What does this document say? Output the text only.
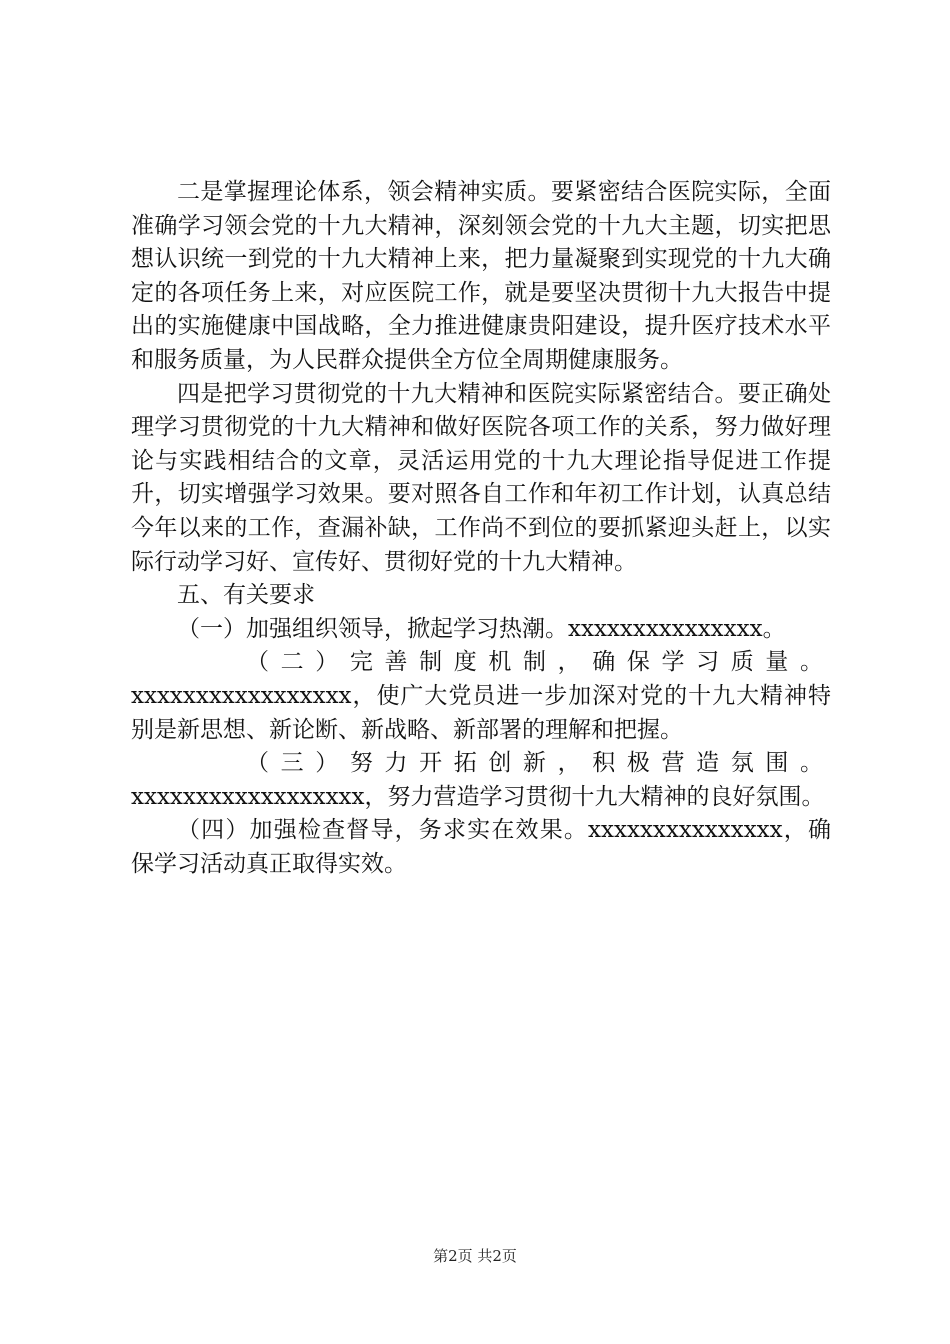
二是掌握理论体系，领会精神实质。要紧密结合医院实际，全面准确学习领会党的十九大精神，深刻领会党的十九大主题，切实把思想认识统一到党的十九大精神上来，把力量凝聚到实现党的十九大确定的各项任务上来，对应医院工作，就是要坚决贯彻十九大报告中提出的实施健康中国战略，全力推进健康贵阳建设，提升医疗技术水平和服务质量，为人民群众提供全方位全周期健康服务。

四是把学习贯彻党的十九大精神和医院实际紧密结合。要正确处理学习贯彻党的十九大精神和做好医院各项工作的关系，努力做好理论与实践相结合的文章，灵活运用党的十九大理论指导促进工作提升，切实增强学习效果。要对照各自工作和年初工作计划，认真总结今年以来的工作，查漏补缺，工作尚不到位的要抓紧迎头赶上，以实际行动学习好、宣传好、贯彻好党的十九大精神。

五、有关要求

（一）加强组织领导，掀起学习热潮。xxxxxxxxxxxxxxx。

（二）完善制度机制，确保学习质量。xxxxxxxxxxxxxxxxx，使广大党员进一步加深对党的十九大精神特别是新思想、新论断、新战略、新部署的理解和把握。

（三）努力开拓创新，积极营造氛围。xxxxxxxxxxxxxxxxxx，努力营造学习贯彻十九大精神的良好氛围。

（四）加强检查督导，务求实在效果。xxxxxxxxxxxxxxx，确保学习活动真正取得实效。

第2页 共2页
